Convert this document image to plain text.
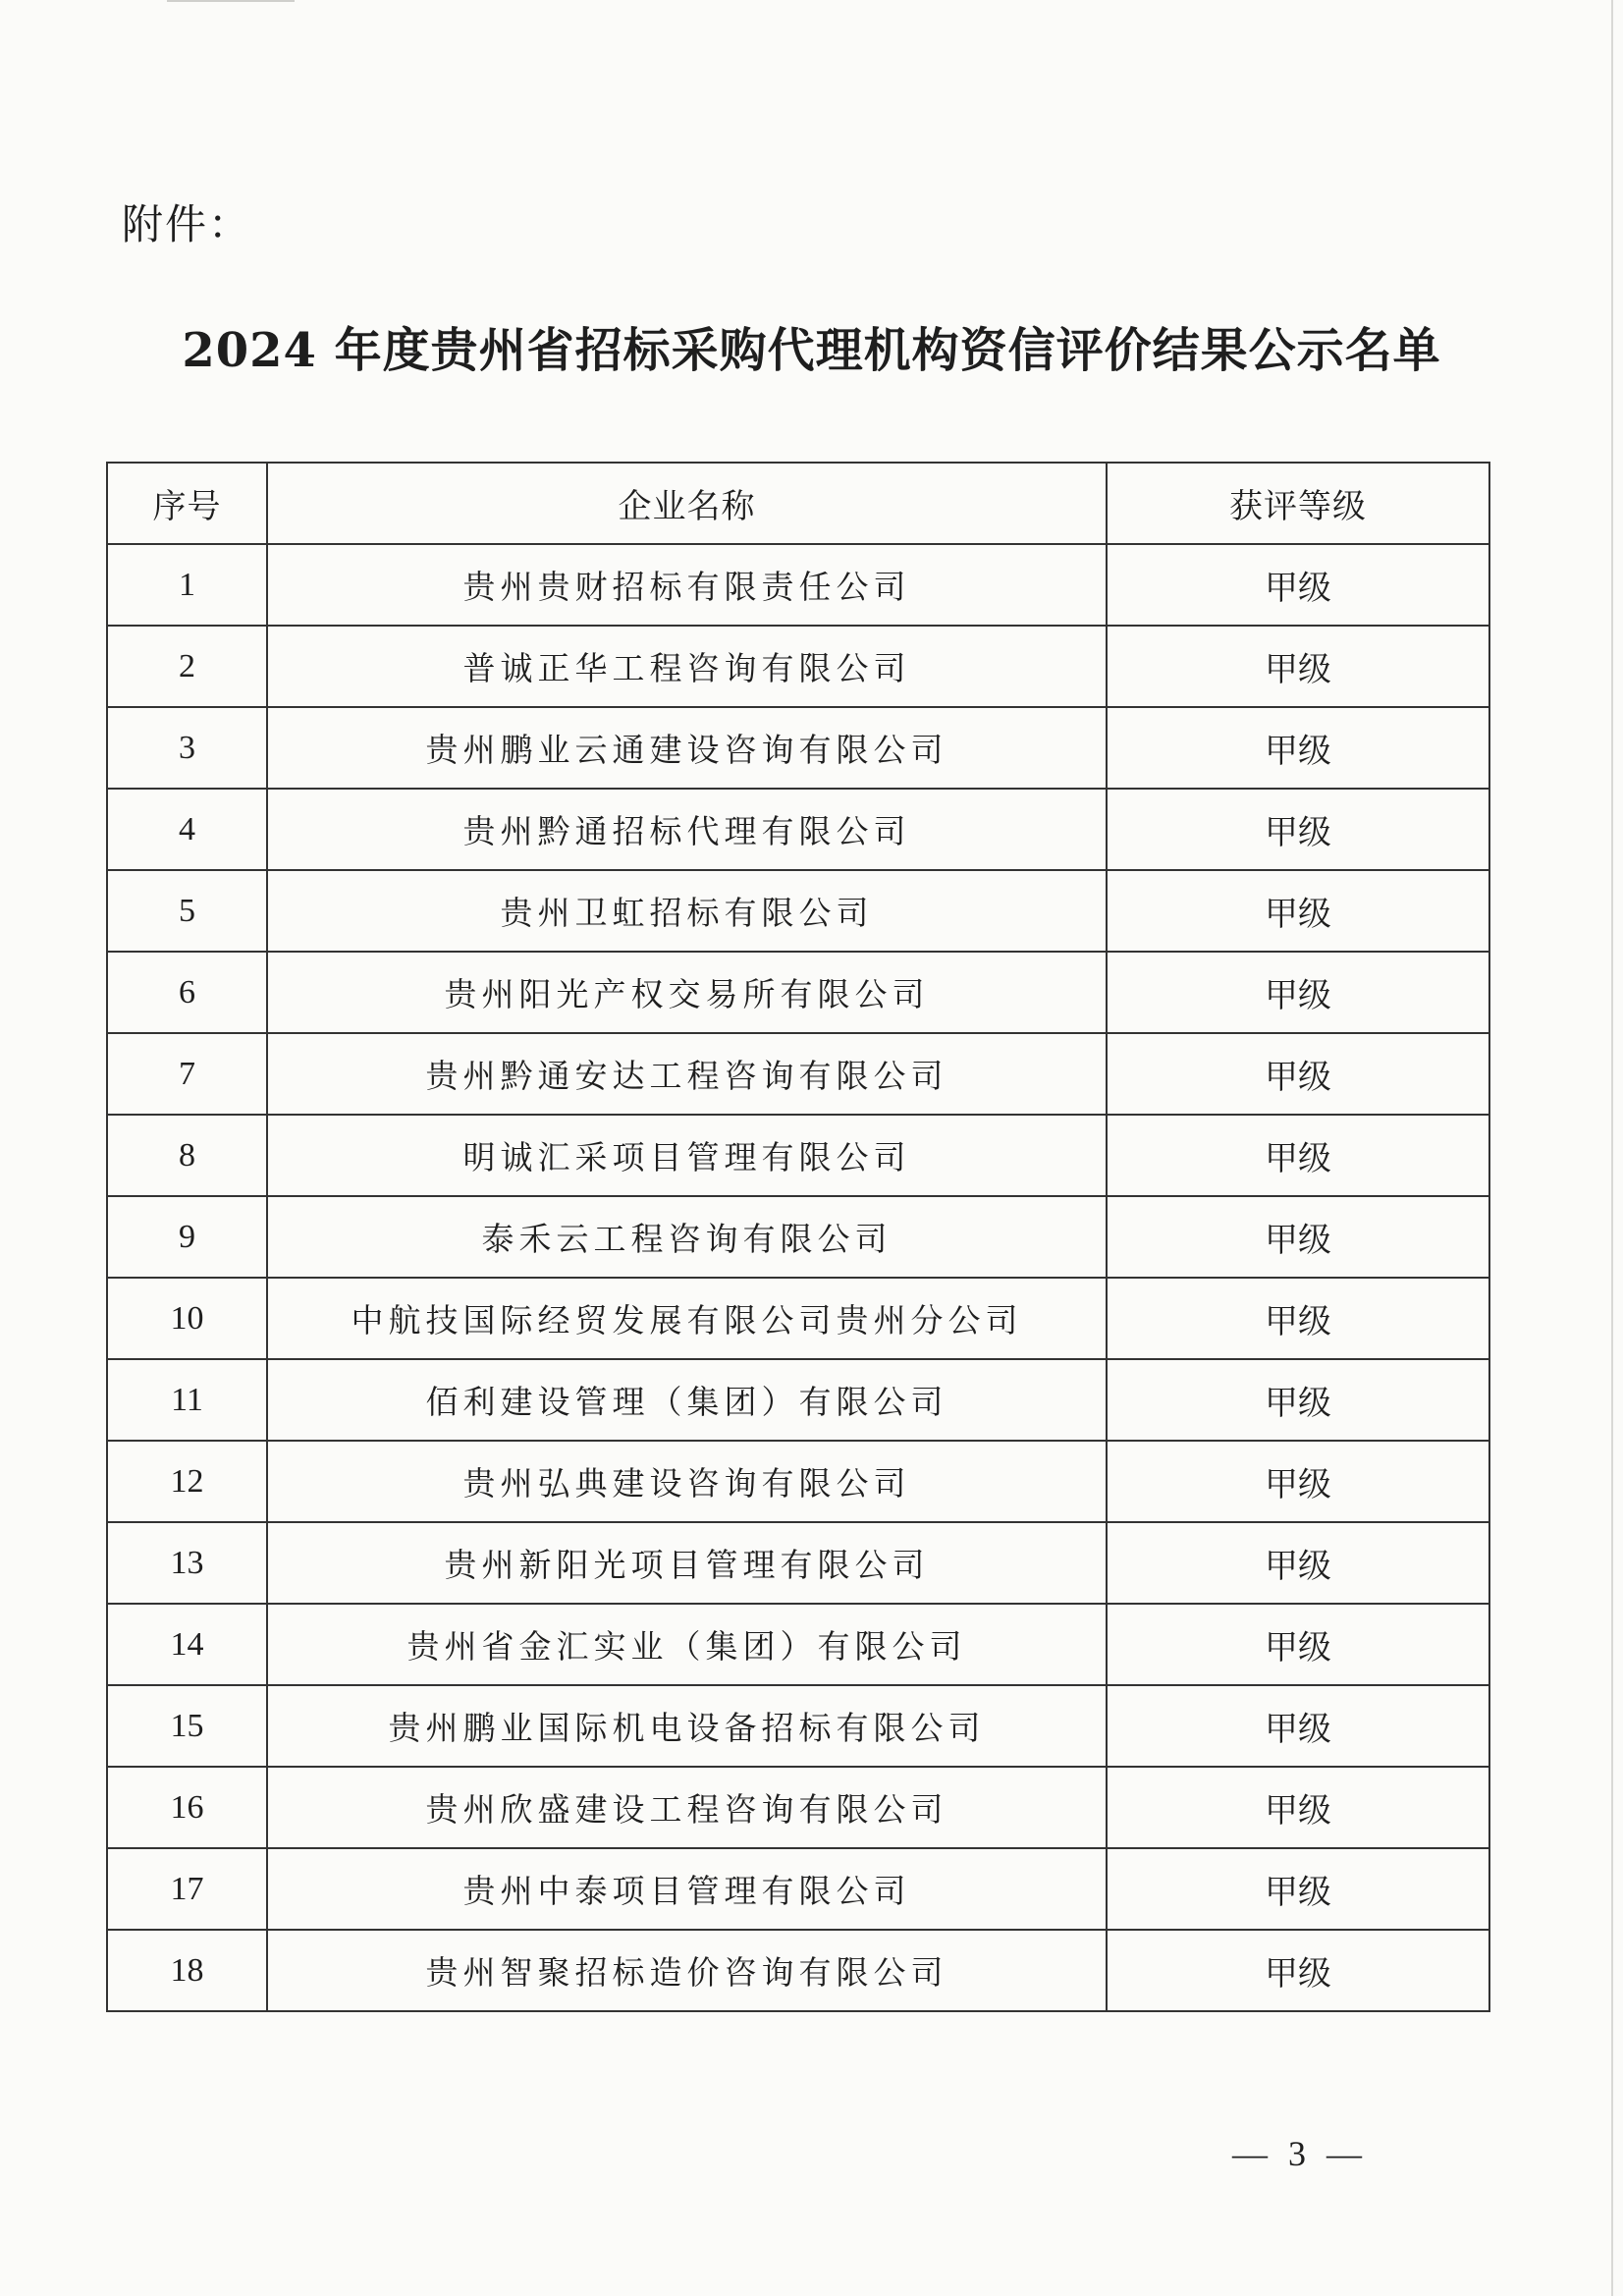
附件：
2024 年度贵州省招标采购代理机构资信评价结果公示名单
序号	企业名称	获评等级
1	贵州贵财招标有限责任公司	甲级
2	普诚正华工程咨询有限公司	甲级
3	贵州鹏业云通建设咨询有限公司	甲级
4	贵州黔通招标代理有限公司	甲级
5	贵州卫虹招标有限公司	甲级
6	贵州阳光产权交易所有限公司	甲级
7	贵州黔通安达工程咨询有限公司	甲级
8	明诚汇采项目管理有限公司	甲级
9	泰禾云工程咨询有限公司	甲级
10	中航技国际经贸发展有限公司贵州分公司	甲级
11	佰利建设管理（集团）有限公司	甲级
12	贵州弘典建设咨询有限公司	甲级
13	贵州新阳光项目管理有限公司	甲级
14	贵州省金汇实业（集团）有限公司	甲级
15	贵州鹏业国际机电设备招标有限公司	甲级
16	贵州欣盛建设工程咨询有限公司	甲级
17	贵州中泰项目管理有限公司	甲级
18	贵州智聚招标造价咨询有限公司	甲级
— 3 —
